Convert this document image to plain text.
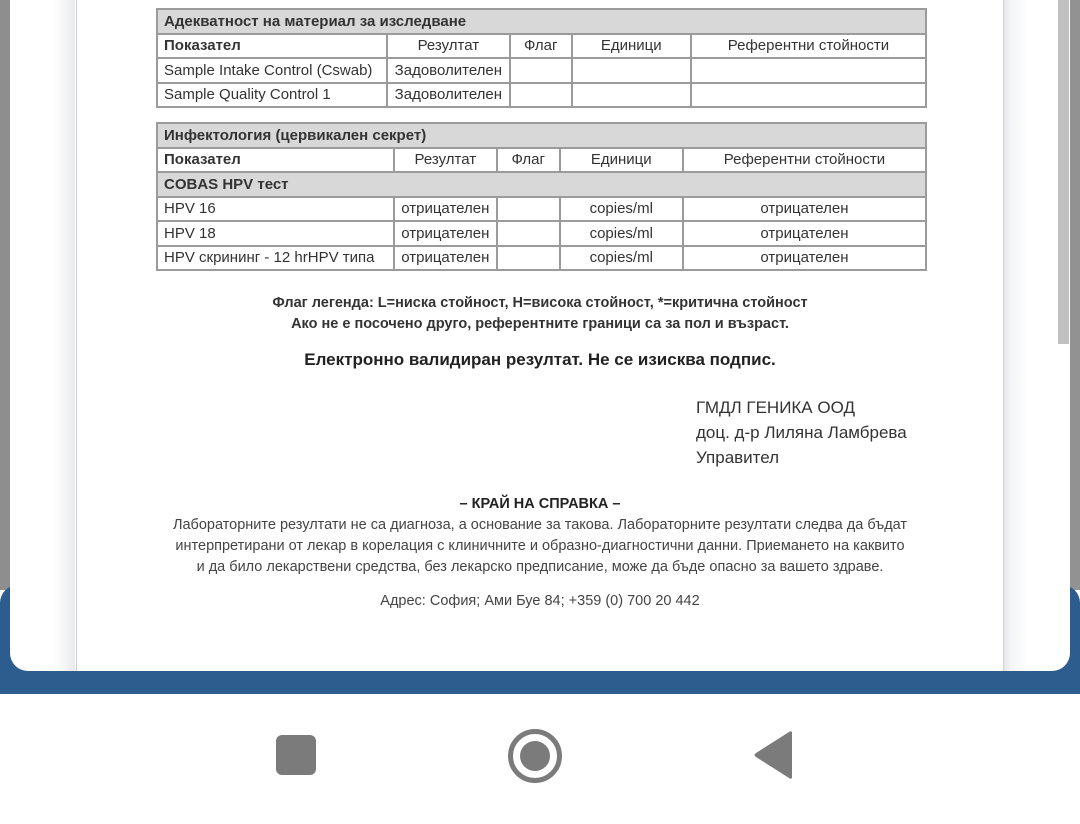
Адекватност на материал за изследване				
Показател	Резултат	Флаг	Единици	Референтни стойности
Sample Intake Control (Cswab)	Задоволителен			
Sample Quality Control 1	Задоволителен			
Инфектология (цервикален секрет)				
Показател	Резултат	Флаг	Единици	Референтни стойности
COBAS HPV тест				
HPV 16	отрицателен		copies/ml	отрицателен
HPV 18	отрицателен		copies/ml	отрицателен
HPV скрининг - 12 hrHPV типа	отрицателен		copies/ml	отрицателен
Флаг легенда: L=ниска стойност, H=висока стойност, *=критична стойност
Ако не е посочено друго, референтните граници са за пол и възраст.
Електронно валидиран резултат. Не се изисква подпис.
ГМДЛ ГЕНИКА ООД
доц. д-р Лиляна Ламбрева
Управител
– КРАЙ НА СПРАВКА –
Лабораторните резултати не са диагноза, а основание за такова. Лабораторните резултати следва да бъдат
интерпретирани от лекар в корелация с клиничните и образно-диагностични данни. Приемането на каквито
и да било лекарствени средства, без лекарско предписание, може да бъде опасно за вашето здраве.
Адрес: София; Ами Буе 84; +359 (0) 700 20 442
